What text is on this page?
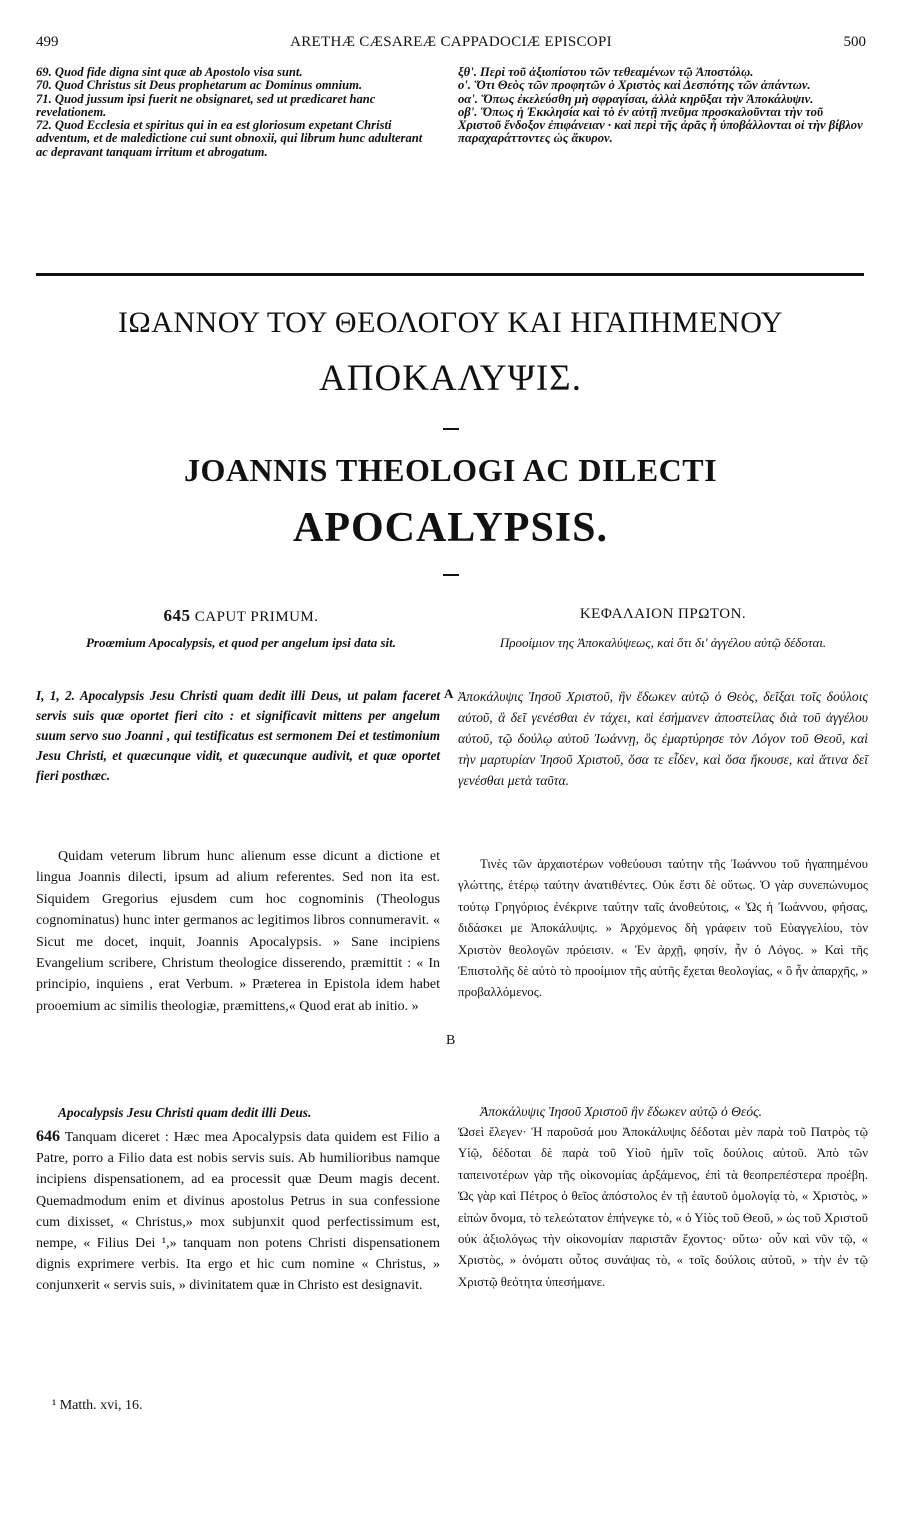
499	ARETHÆ CÆSAREÆ CAPPADOCIÆ EPISCOPI	500

69. Quod fide digna sint quæ ab Apostolo visa sunt.

70. Quod Christus sit Deus prophetarum ac Dominus omnium.

71. Quod jussum ipsi fuerit ne obsignaret, sed ut prædicaret hanc revelationem.

72. Quod Ecclesia et spiritus qui in ea est gloriosum expetant Christi adventum, et de maledictione cui sunt obnoxii, qui librum hunc adulterant ac depravant tanquam irritum et abrogatum.

ξθ'. Περὶ τοῦ ἀξιοπίστου τῶν τεθεαμένων τῷ Ἀποστόλῳ.

ο'. Ὅτι Θεὸς τῶν προφητῶν ὁ Χριστὸς καὶ Δεσπότης τῶν ἁπάντων.

οα'. Ὅπως ἐκελεύσθη μὴ σφραγίσαι, ἀλλὰ κηρῦξαι τὴν Ἀποκάλυψιν.

οβ'. Ὅπως ἡ Ἐκκλησία καὶ τὸ ἐν αὐτῇ πνεῦμα προσκαλοῦνται τὴν τοῦ Χριστοῦ ἔνδοξον ἐπιφάνειαν · καὶ περὶ τῆς ἀρᾶς ἧ ὑποβάλλονται οἱ τὴν βίβλον παραχαράττοντες ὡς ἄκυρον.

ΙΩΑΝΝΟΥ ΤΟΥ ΘΕΟΛΟΓΟΥ ΚΑΙ ΗΓΑΠΗΜΕΝΟΥ
ΑΠΟΚΑΛΥΨΙΣ.
JOANNIS THEOLOGI AC DILECTI
APOCALYPSIS.
645 CAPUT PRIMUM.	ΚΕΦΑΛΑΙΟΝ ΠΡΩΤΟΝ.
Proœmium Apocalypsis, et quod per angelum ipsi data sit.	Προοίμιον της Ἀποκαλύψεως, καὶ ὅτι δι' ἀγγέλου αὐτῷ δέδοται.
A
I, 1, 2. Apocalypsis Jesu Christi quam dedit illi Deus, ut palam faceret servis suis quæ oportet fieri cito : et significavit mittens per angelum suum servo suo Joanni , qui testificatus est sermonem Dei et testimonium Jesu Christi, et quæcunque vidit, et quæcunque audivit, et quæ oportet fieri posthæc.
Ἀποκάλυψις Ἰησοῦ Χριστοῦ, ἣν ἔδωκεν αὐτῷ ὁ Θεὸς, δεῖξαι τοῖς δούλοις αὐτοῦ, ἃ δεῖ γενέσθαι ἐν τάχει, καὶ ἐσήμανεν ἀποστείλας διὰ τοῦ ἀγγέλου αὐτοῦ, τῷ δούλῳ αὐτοῦ Ἰωάννῃ, ὃς ἐμαρτύρησε τὸν Λόγον τοῦ Θεοῦ, καὶ τὴν μαρτυρίαν Ἰησοῦ Χριστοῦ, ὅσα τε εἶδεν, καὶ ὅσα ἤκουσε, καὶ ἅτινα δεῖ γενέσθαι μετὰ ταῦτα.
Quidam veterum librum hunc alienum esse dicunt a dictione et lingua Joannis dilecti, ipsum ad alium referentes. Sed non ita est. Siquidem Gregorius ejusdem cum hoc cognominis (Theologus cognominatus) hunc inter germanos ac legitimos libros connumeravit. « Sicut me docet, inquit, Joannis Apocalypsis. » Sane incipiens Evangelium scribere, Christum theologice disserendo, præmittit : « In principio, inquiens , erat Verbum. » Præterea in Epistola idem habet prooemium ac similis theologiæ, præmittens,« Quod erat ab initio. »
Τινὲς τῶν ἀρχαιοτέρων νοθεύουσι ταύτην τῆς Ἰωάννου τοῦ ἠγαπημένου γλώττης, ἑτέρῳ ταύτην ἀνατιθέντες. Οὐκ ἔστι δὲ οὕτως. Ὁ γὰρ συνεπώνυμος τούτῳ Γρηγόριος ἐνέκρινε ταύτην ταῖς ἀνοθεύτοις, « Ὡς ἡ Ἰωάννου, φήσας, διδάσκει με Ἀποκάλυψις. » Ἀρχόμενος δὴ γράφειν τοῦ Εὐαγγελίου, τὸν Χριστὸν θεολογῶν πρόεισιν. « Ἐν ἀρχῇ, φησίν, ἦν ὁ Λόγος. » Καὶ τῆς Ἐπιστολῆς δὲ αὐτὸ τὸ προοίμιον τῆς αὐτῆς ἔχεται θεολογίας, « ὃ ἦν ἀπαρχῆς, » προβαλλόμενος.
B
Apocalypsis Jesu Christi quam dedit illi Deus.
646 Tanquam diceret : Hæc mea Apocalypsis data quidem est Filio a Patre, porro a Filio data est nobis servis suis. Ab humilioribus namque incipiens dispensationem, ad ea processit quæ Deum magis decent. Quemadmodum enim et divinus apostolus Petrus in sua confessione cum dixisset, « Christus,» mox subjunxit quod perfectissimum est, nempe, « Filius Dei ¹,» tanquam non potens Christi dispensationem dignis exprimere verbis. Ita ergo et hic cum nomine « Christus, » conjunxerit « servis suis, » divinitatem quæ in Christo est designavit.
Ἀποκάλυψις Ἰησοῦ Χριστοῦ ἣν ἔδωκεν αὐτῷ ὁ Θεός.
Ὡσεὶ ἔλεγεν· Ἡ παροῦσά μου Ἀποκάλυψις δέδοται μὲν παρὰ τοῦ Πατρὸς τῷ Υἱῷ, δέδοται δὲ παρὰ τοῦ Υἱοῦ ἡμῖν τοῖς δούλοις αὐτοῦ. Ἀπὸ τῶν ταπεινοτέρων γὰρ τῆς οἰκονομίας ἀρξάμενος, ἐπὶ τὰ θεοπρεπέστερα προέβη. Ὡς γὰρ καὶ Πέτρος ὁ θεῖος ἀπόστολος ἐν τῇ ἑαυτοῦ ὁμολογίᾳ τὸ, « Χριστὸς, » εἰπὼν ὄνομα, τὸ τελεώτατον ἐπήνεγκε τὸ, « ὁ Υἱὸς τοῦ Θεοῦ, » ὡς τοῦ Χριστοῦ οὐκ ἀξιολόγως τὴν οἰκονομίαν παριστᾶν ἔχοντος· οὕτω· οὖν καὶ νῦν τῷ, « Χριστὸς, » ὀνόματι οὗτος συνάψας τὸ, « τοῖς δούλοις αὐτοῦ, » τὴν ἐν τῷ Χριστῷ θεότητα ὑπεσήμανε.
¹ Matth. xvi, 16.
